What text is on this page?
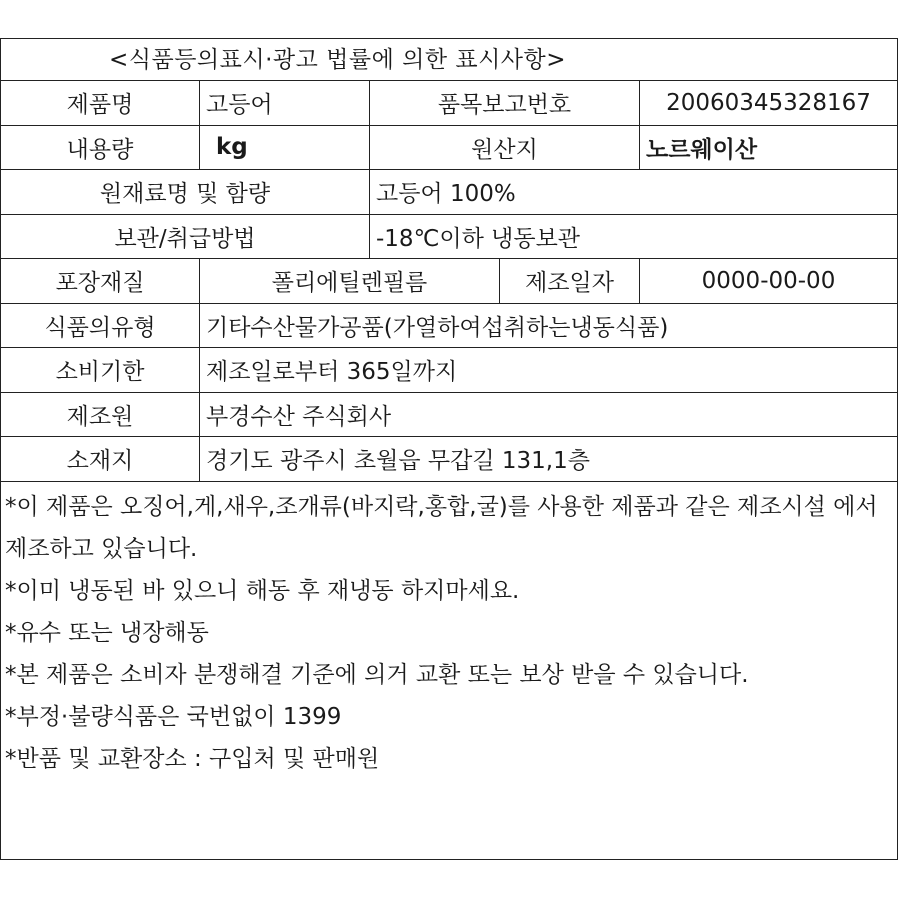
<식품등의표시·광고 법률에 의한 표시사항>
제품명	고등어	품목보고번호	20060345328167
내용량	kg	원산지	노르웨이산
원재료명 및 함량	고등어 100%
보관/취급방법	-18℃이하 냉동보관
포장재질	폴리에틸렌필름	제조일자	0000-00-00
식품의유형	기타수산물가공품(가열하여섭취하는냉동식품)
소비기한	제조일로부터 365일까지
제조원	부경수산 주식회사
소재지	경기도 광주시 초월읍 무갑길 131,1층
*이 제품은 오징어,게,새우,조개류(바지락,홍합,굴)를 사용한 제품과 같은 제조시설 에서 제조하고 있습니다.
*이미 냉동된 바 있으니 해동 후 재냉동 하지마세요.
*유수 또는 냉장해동
*본 제품은 소비자 분쟁해결 기준에 의거 교환 또는 보상 받을 수 있습니다.
*부정·불량식품은 국번없이 1399
*반품 및 교환장소 : 구입처 및 판매원
